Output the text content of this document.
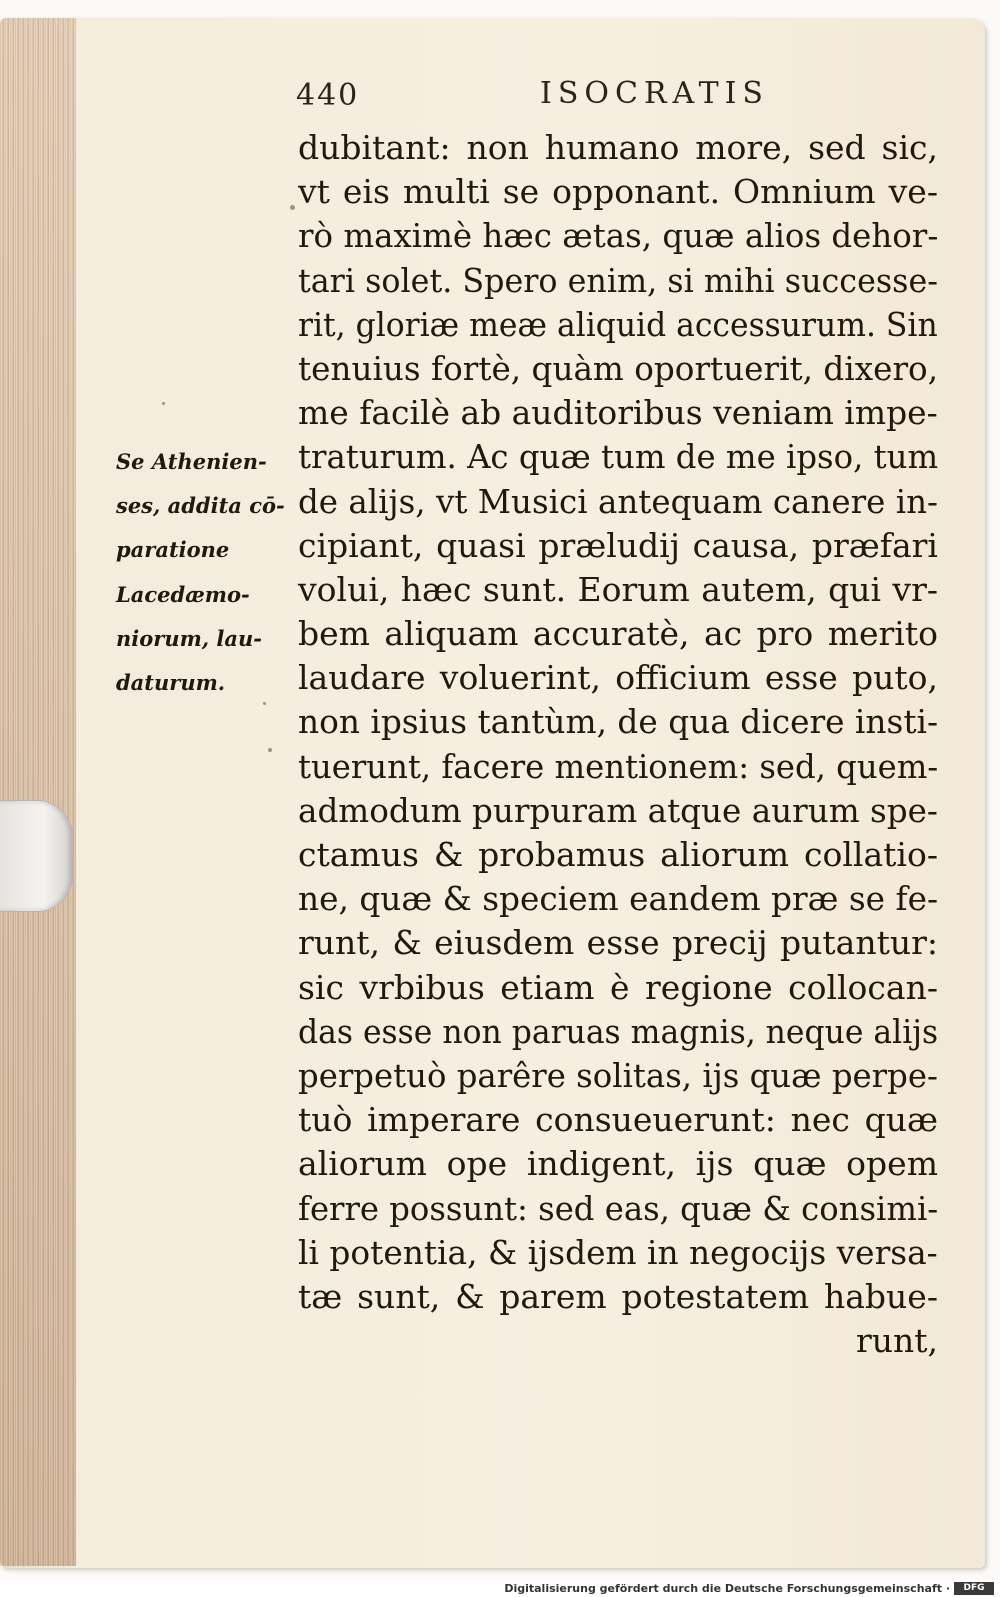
440	ISOCRATIS
Se Athenien-
ses, addita cō-
paratione
Lacedæmo-
niorum, lau-
daturum.
dubitant: non humano more, sed sic,
vt eis multi se opponant. Omnium ve-
rò maximè hæc ætas, quæ alios dehor-
tari solet. Spero enim, si mihi successe-
rit, gloriæ meæ aliquid accessurum. Sin
tenuius fortè, quàm oportuerit, dixero,
me facilè ab auditoribus veniam impe-
traturum. Ac quæ tum de me ipso, tum
de alijs, vt Musici antequam canere in-
cipiant, quasi præludij causa, præfari
volui, hæc sunt. Eorum autem, qui vr-
bem aliquam accuratè, ac pro merito
laudare voluerint, officium esse puto,
non ipsius tantùm, de qua dicere insti-
tuerunt, facere mentionem: sed, quem-
admodum purpuram atque aurum spe-
ctamus & probamus aliorum collatio-
ne, quæ & speciem eandem præ se fe-
runt, & eiusdem esse precij putantur:
sic vrbibus etiam è regione collocan-
das esse non paruas magnis, neque alijs
perpetuò parêre solitas, ijs quæ perpe-
tuò imperare consueuerunt: nec quæ
aliorum ope indigent, ijs quæ opem
ferre possunt: sed eas, quæ & consimi-
li potentia, & ijsdem in negocijs versa-
tæ sunt, & parem potestatem habue-
runt,
Digitalisierung gefördert durch die Deutsche Forschungsgemeinschaft ·	DFG
